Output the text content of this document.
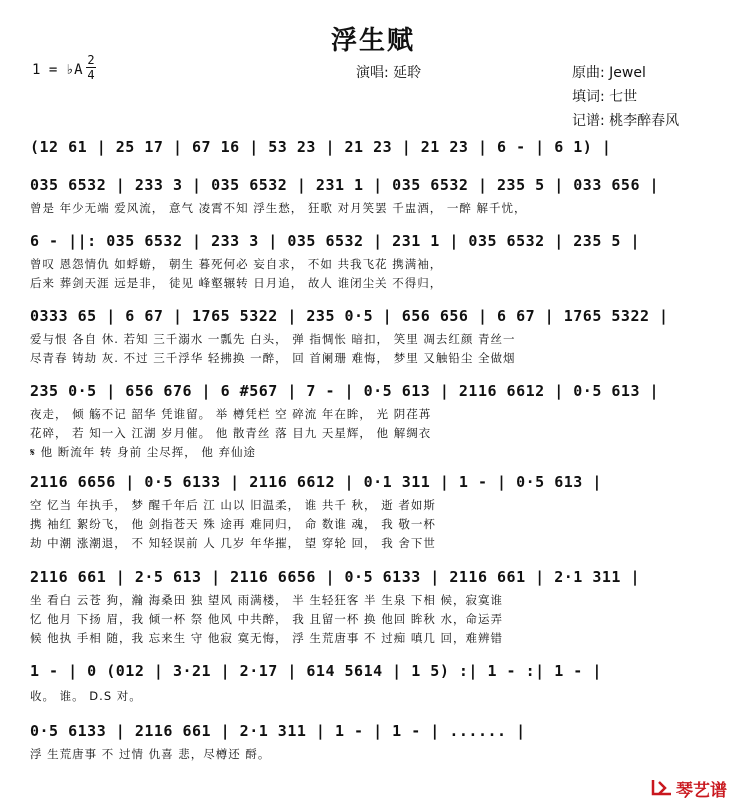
浮生赋
1 = ♭A
2
4	演唱: 延聆	原曲: Jewel
填词: 七世
记谱: 桃李醉春风
(12 61 | 25 17 | 67 16 | 53 23 | 21 23 | 21 23 | 6 - | 6 1) |
035 6532 | 233 3 | 035 6532 | 231 1 | 035 6532 | 235 5 | 033 656 |
曾是 年少无端 爱风流， 意气 凌霄不知 浮生愁， 狂歌 对月笑罢 千盅酒， 一醉 解千忧，
6 - ||: 035 6532 | 233 3 | 035 6532 | 231 1 | 035 6532 | 235 5 |
曾叹 恩怨情仇 如蜉蝣， 朝生 暮死何必 妄自求， 不如 共我飞花 携满袖，
后来 葬剑天涯 远是非， 徒见 峰壑辗转 日月追， 故人 谁闭尘关 不得归，
0333 65 | 6 67 | 1765 5322 | 235 0·5 | 656 656 | 6 67 | 1765 5322 |
爱与恨 各自 休. 若知 三千溺水 一瓢先 白头， 弹 指惆怅 暗扣， 笑里 凋去红颜 青丝一
尽青春 铸劫 灰. 不过 三千浮华 轻拂换 一醉， 回 首阑珊 难悔， 梦里 又触铅尘 全做烟
235 0·5 | 656 676 | 6 #567 | 7 - | 0·5 613 | 2116 6612 | 0·5 613 |
夜走， 倾 觞不记 韶华 凭谁留。 举 樽凭栏 空 碎流 年在眸， 光 阴荏苒
花碎， 若 知一入 江湖 岁月催。 他 散青丝 落 目九 天星辉， 他 解绸衣
𝄋 他 断流年 转 身前 尘尽挥， 他 弃仙途
2116 6656 | 0·5 6133 | 2116 6612 | 0·1 311 | 1 - | 0·5 613 |
空 忆当 年执手， 梦 醒千年后 江 山以 旧温柔， 谁 共千 秋， 逝 者如斯
携 袖红 絮纷飞， 他 剑指苍天 殊 途再 难同归， 命 数谁 魂， 我 敬一杯
劫 中潮 涨潮退， 不 知轻误前 人 几岁 年华摧， 望 穿轮 回， 我 舍下世
2116 661 | 2·5 613 | 2116 6656 | 0·5 6133 | 2116 661 | 2·1 311 |
坐 看白 云苍 狗，瀚 海桑田 独 望风 雨满楼， 半 生轻狂客 半 生泉 下相 候，寂寞谁
忆 他月 下扬 眉，我 倾一杯 祭 他风 中共醉， 我 且留一杯 换 他回 眸秋 水，命运弄
候 他执 手相 随，我 忘来生 守 他寂 寞无悔， 浮 生荒唐事 不 过痴 嗔几 回，难辨错
1 - | 0 (012 | 3·21 | 2·17 | 614 5614 | 1 5) :| 1 - :| 1 - |
收。 谁。 D.S 对。
0·5 6133 | 2116 661 | 2·1 311 | 1 - | 1 - | ...... |
浮 生荒唐事 不 过情 仇喜 悲，尽樽还 酹。
琴艺谱
